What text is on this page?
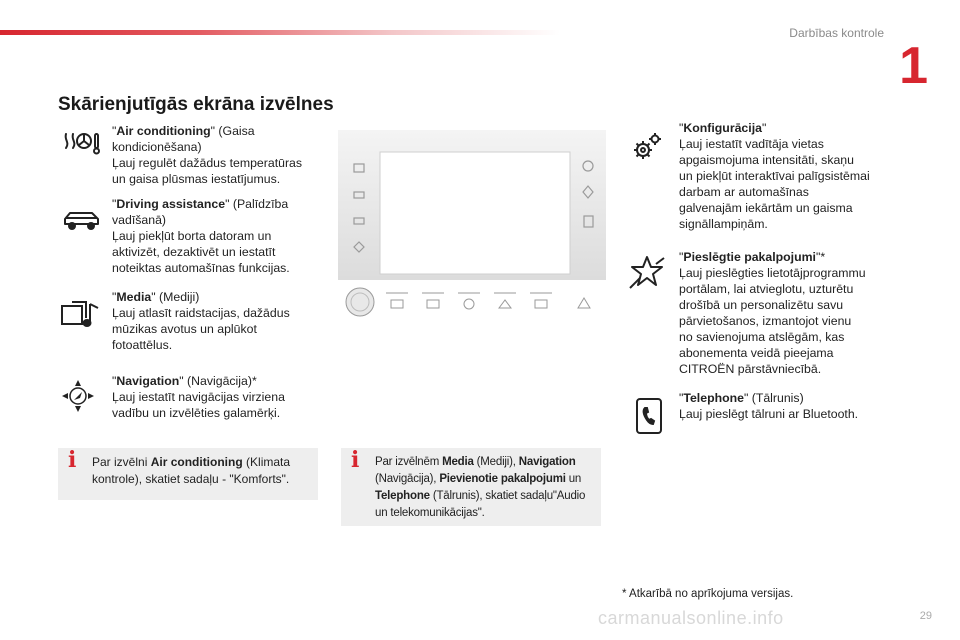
Darbības kontrole
1
Skārienjutīgās ekrāna izvēlnes
"Air conditioning" (Gaisa
kondicionēšana)
Ļauj regulēt dažādus temperatūras
un gaisa plūsmas iestatījumus.
"Driving assistance" (Palīdzība
vadīšanā)
Ļauj piekļūt borta datoram un
aktivizēt, dezaktivēt un iestatīt
noteiktas automašīnas funkcijas.
"Media" (Mediji)
Ļauj atlasīt raidstacijas, dažādus
mūzikas avotus un aplūkot
fotoattēlus.
"Navigation" (Navigācija)*
Ļauj iestatīt navigācijas virziena
vadību un izvēlēties galamērķi.
"Konfigurācija"
Ļauj iestatīt vadītāja vietas
apgaismojuma intensitāti, skaņu
un piekļūt interaktīvai palīgsistēmai
darbam ar automašīnas
galvenajām iekārtām un gaisma
signāllampiņām.
"Pieslēgtie pakalpojumi"*
Ļauj pieslēgties lietotājprogrammu
portālam, lai atvieglotu, uzturētu
drošībā un personalizētu savu
pārvietošanos, izmantojot vienu
no savienojuma atslēgām, kas
abonementa veidā pieejama
CITROËN pārstāvniecībā.
"Telephone" (Tālrunis)
Ļauj pieslēgt tālruni ar Bluetooth.
i Par izvēlni Air conditioning (Klimata kontrole), skatiet sadaļu - "Komforts".
i Par izvēlnēm Media (Mediji), Navigation (Navigācija), Pievienotie pakalpojumi un Telephone (Tālrunis), skatiet sadaļu"Audio un telekomunikācijas".
* Atkarībā no aprīkojuma versijas.
carmanualsonline.info	29
